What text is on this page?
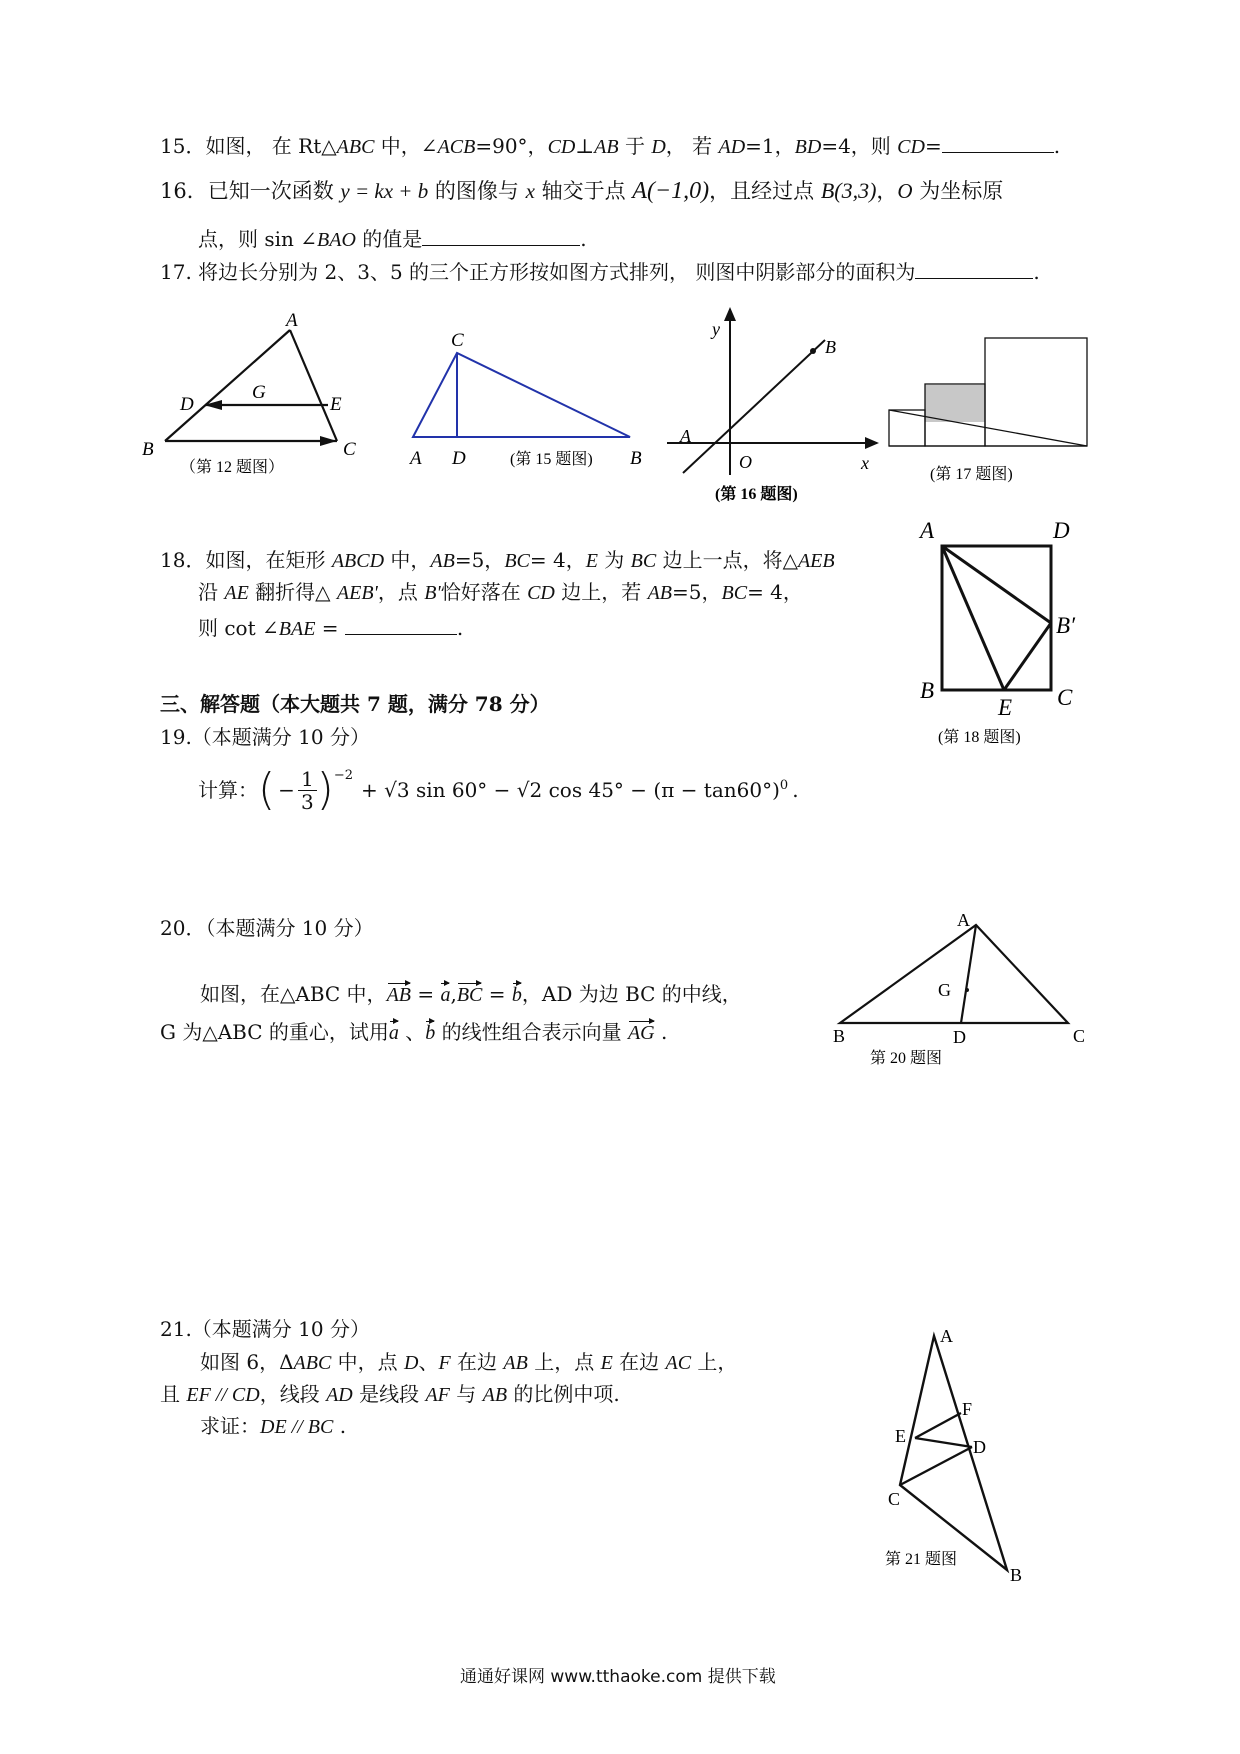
15．如图， 在 Rt△ABC 中，∠ACB=90°，CD⊥AB 于 D， 若 AD=1，BD=4，则 CD=	.
16．已知一次函数 y = kx + b 的图像与 x 轴交于点 A(−1,0)，且经过点 B(3,3)，O 为坐标原
点，则 sin ∠BAO 的值是	.
17. 将边长分别为 2、3、5 的三个正方形按如图方式排列， 则图中阴影部分的面积为	.
A
B	C
D	E
G
（第 12 题图）
C
A D	B
(第 15 题图)
y
x
A
B
O
(第 16 题图)
(第 17 题图)
18．如图，在矩形 ABCD 中，AB=5，BC= 4，E 为 BC 边上一点，将△AEB
沿 AE 翻折得△ AEB'，点 B'恰好落在 CD 边上，若 AB=5，BC= 4，
则 cot ∠BAE =	.
A	D
B′
B
E C
(第 18 题图)
三、解答题（本大题共 7 题，满分 78 分）
19.（本题满分 10 分）
计算： ( − $\frac{1}{3}$ ) −2
+ √3 sin 60° − √2 cos 45° − (π − tan60°) 0 .
20．（本题满分 10 分）
如图，在△ABC 中，AB = a,BC = b，AD 为边 BC 的中线，
G 为△ABC 的重心，试用a 、b 的线性组合表示向量 AG .
A
G
B	D	C
第 20 题图
21.（本题满分 10 分）
如图 6，ΔABC 中，点 D、F 在边 AB 上，点 E 在边 AC 上，
且 EF // CD，线段 AD 是线段 AF 与 AB 的比例中项.
求证：DE // BC .
A
F
E
D
C
B
第 21 题图
通通好课网 www.tthaoke.com 提供下载
